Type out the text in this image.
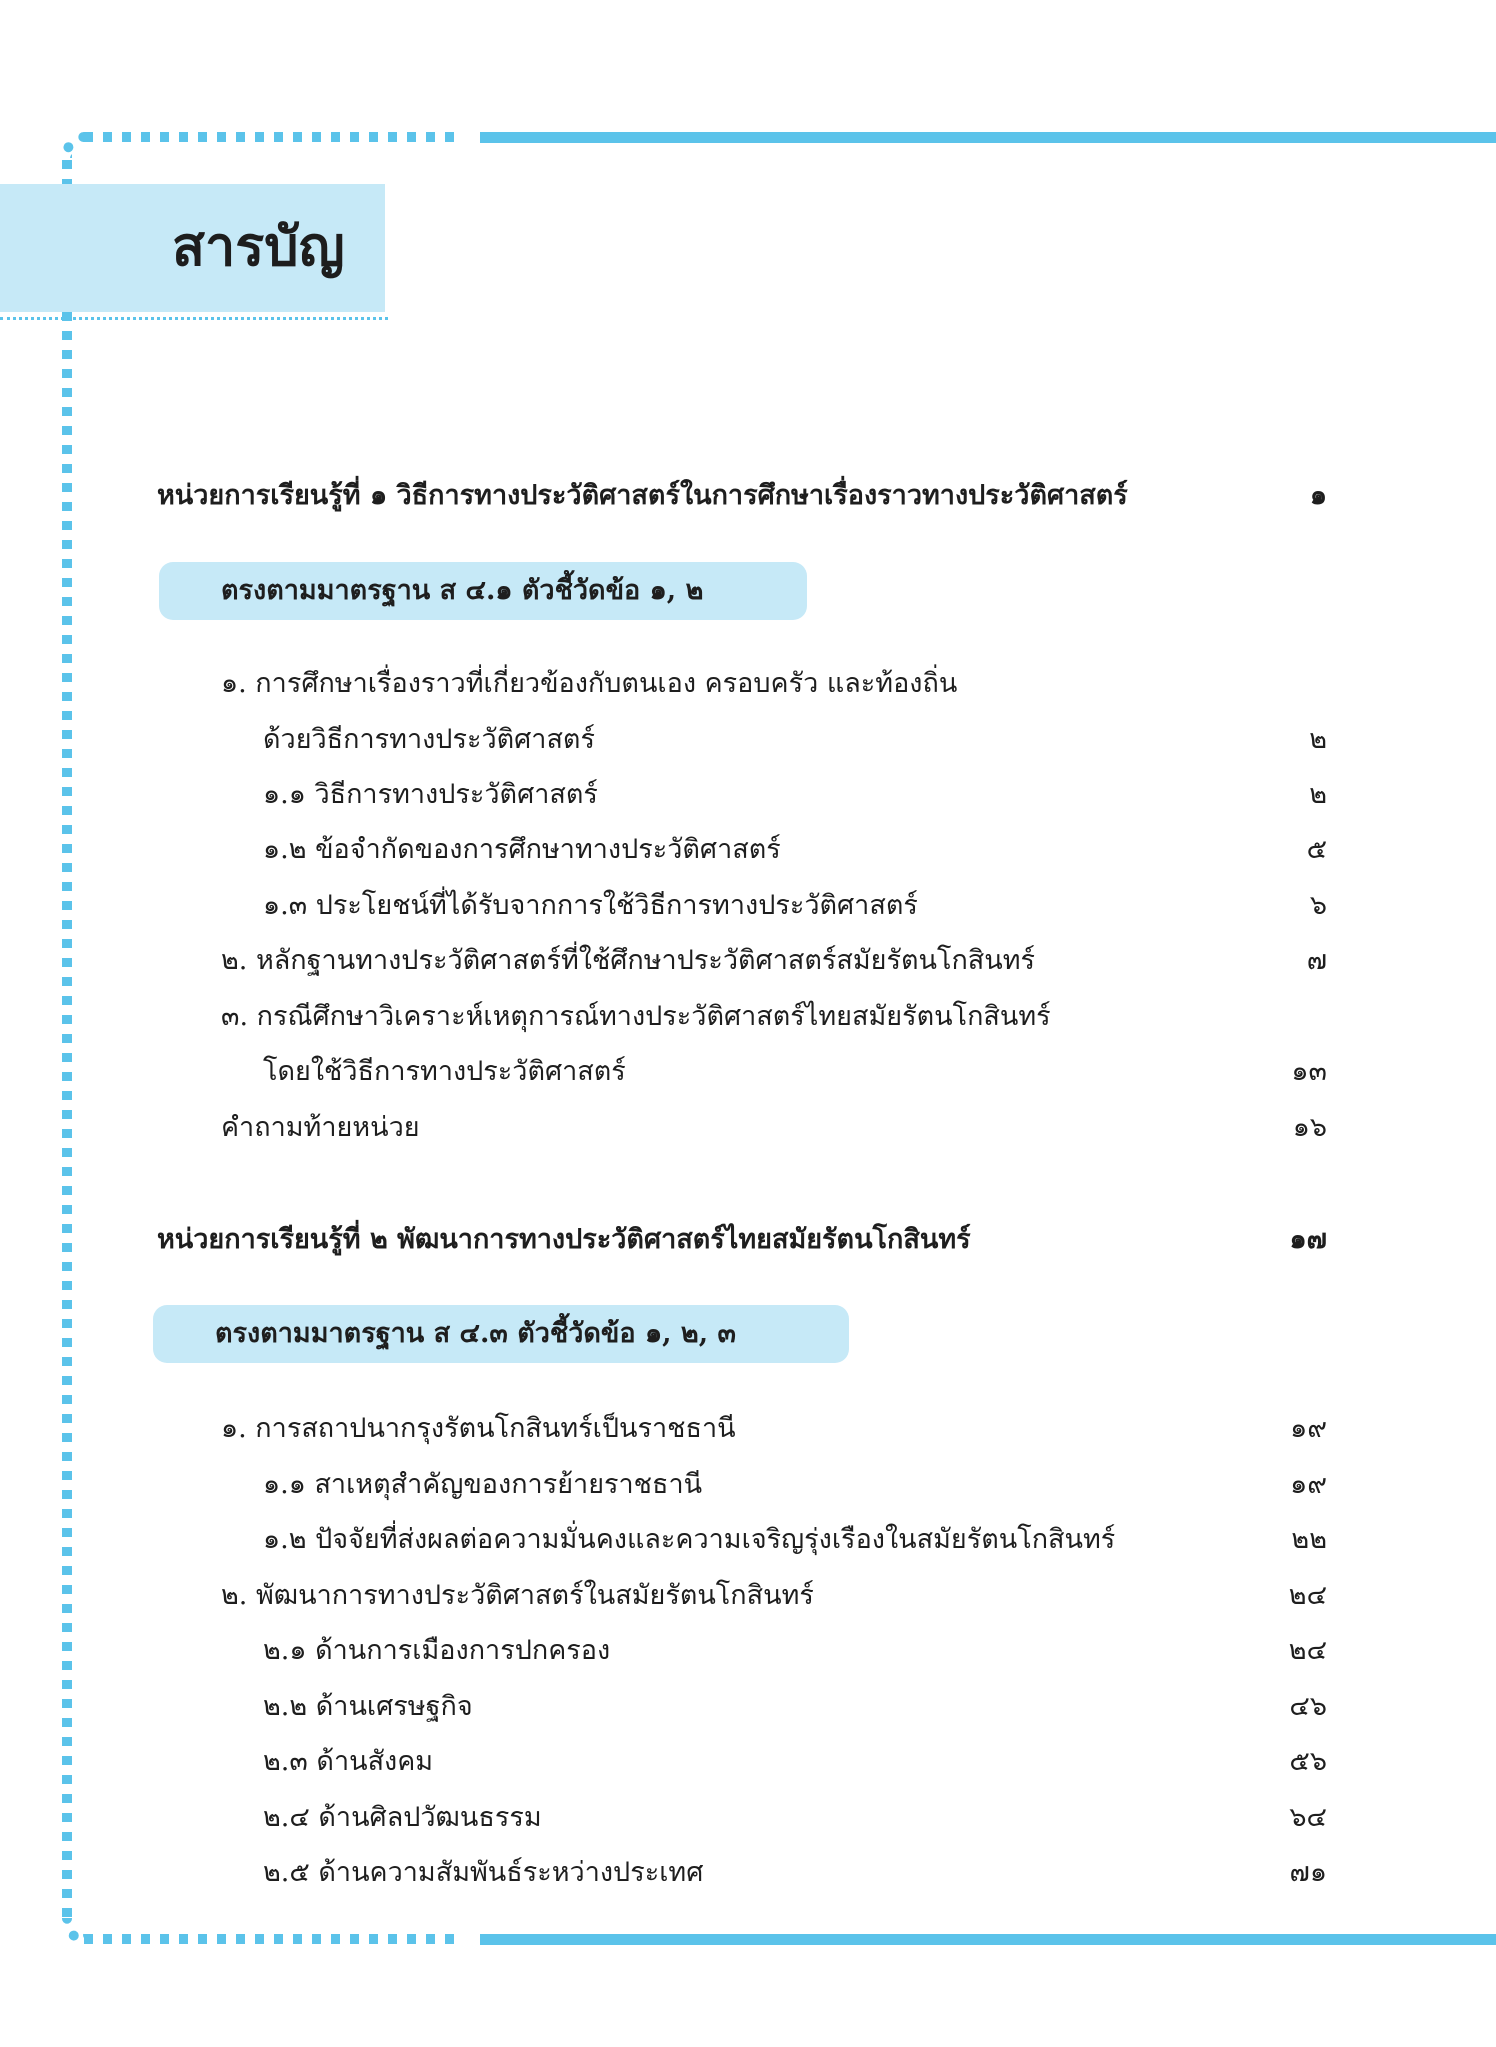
สารบัญ
หน่วยการเรียนรู้ที่ ๑ วิธีการทางประวัติศาสตร์ในการศึกษาเรื่องราวทางประวัติศาสตร์	๑
ตรงตามมาตรฐาน ส ๔.๑ ตัวชี้วัดข้อ ๑, ๒
๑. การศึกษาเรื่องราวที่เกี่ยวข้องกับตนเอง ครอบครัว และท้องถิ่น
ด้วยวิธีการทางประวัติศาสตร์	๒
๑.๑ วิธีการทางประวัติศาสตร์	๒
๑.๒ ข้อจำกัดของการศึกษาทางประวัติศาสตร์	๕
๑.๓ ประโยชน์ที่ได้รับจากการใช้วิธีการทางประวัติศาสตร์	๖
๒. หลักฐานทางประวัติศาสตร์ที่ใช้ศึกษาประวัติศาสตร์สมัยรัตนโกสินทร์	๗
๓. กรณีศึกษาวิเคราะห์เหตุการณ์ทางประวัติศาสตร์ไทยสมัยรัตนโกสินทร์
โดยใช้วิธีการทางประวัติศาสตร์	๑๓
คำถามท้ายหน่วย	๑๖
หน่วยการเรียนรู้ที่ ๒ พัฒนาการทางประวัติศาสตร์ไทยสมัยรัตนโกสินทร์	๑๗
ตรงตามมาตรฐาน ส ๔.๓ ตัวชี้วัดข้อ ๑, ๒, ๓
๑. การสถาปนากรุงรัตนโกสินทร์เป็นราชธานี	๑๙
๑.๑ สาเหตุสำคัญของการย้ายราชธานี	๑๙
๑.๒ ปัจจัยที่ส่งผลต่อความมั่นคงและความเจริญรุ่งเรืองในสมัยรัตนโกสินทร์	๒๒
๒. พัฒนาการทางประวัติศาสตร์ในสมัยรัตนโกสินทร์	๒๔
๒.๑ ด้านการเมืองการปกครอง	๒๔
๒.๒ ด้านเศรษฐกิจ	๔๖
๒.๓ ด้านสังคม	๕๖
๒.๔ ด้านศิลปวัฒนธรรม	๖๔
๒.๕ ด้านความสัมพันธ์ระหว่างประเทศ	๗๑
